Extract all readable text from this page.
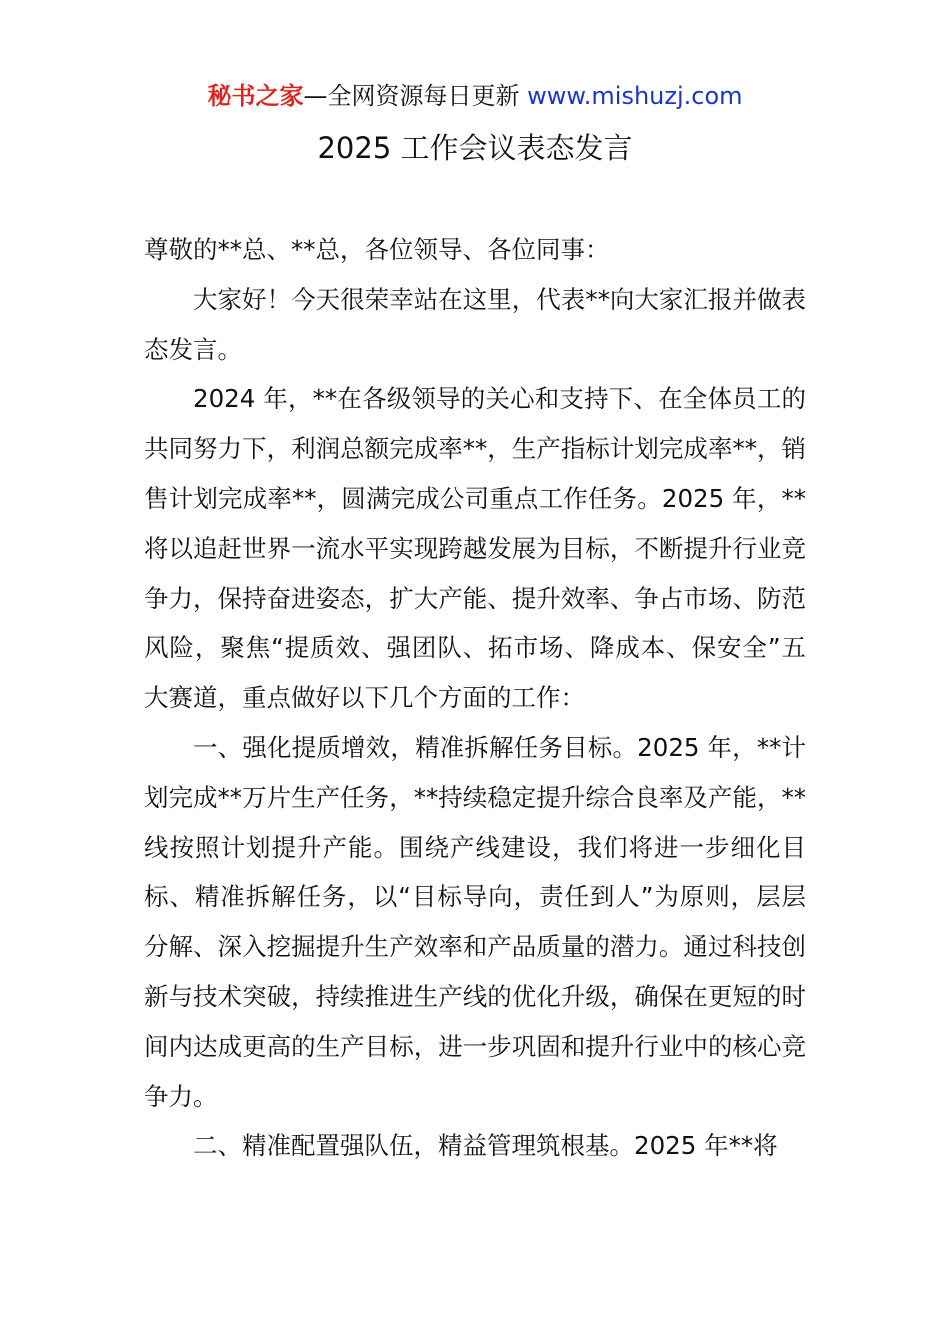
秘书之家—全网资源每日更新 www.mishuzj.com
2025 工作会议表态发言

尊敬的**总、**总，各位领导、各位同事：

大家好！今天很荣幸站在这里，代表**向大家汇报并做表态发言。

2024 年，**在各级领导的关心和支持下、在全体员工的共同努力下，利润总额完成率**，生产指标计划完成率**，销售计划完成率**，圆满完成公司重点工作任务。2025 年，**将以追赶世界一流水平实现跨越发展为目标，不断提升行业竞争力，保持奋进姿态，扩大产能、提升效率、争占市场、防范风险，聚焦“提质效、强团队、拓市场、降成本、保安全”五大赛道，重点做好以下几个方面的工作：

一、强化提质增效，精准拆解任务目标。2025 年，**计划完成**万片生产任务，**持续稳定提升综合良率及产能，**线按照计划提升产能。围绕产线建设，我们将进一步细化目标、精准拆解任务，以“目标导向，责任到人”为原则，层层分解、深入挖掘提升生产效率和产品质量的潜力。通过科技创新与技术突破，持续推进生产线的优化升级，确保在更短的时间内达成更高的生产目标，进一步巩固和提升行业中的核心竞争力。

二、精准配置强队伍，精益管理筑根基。2025 年**将
